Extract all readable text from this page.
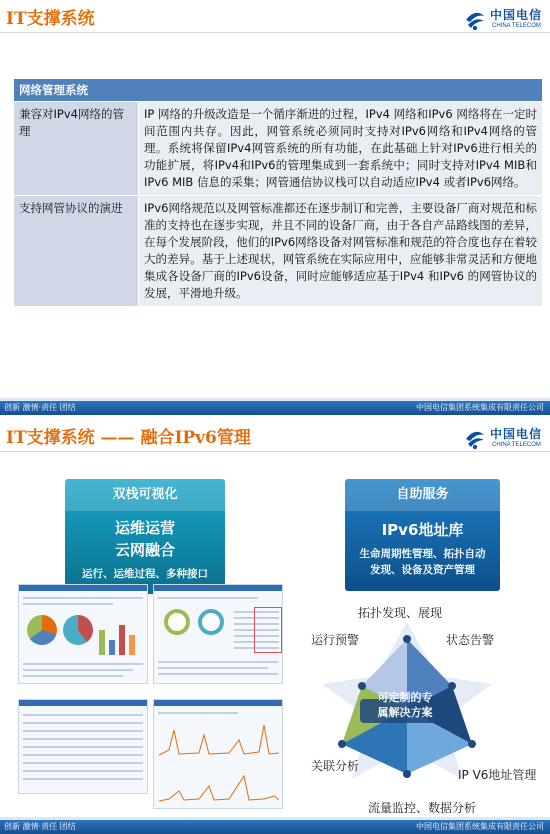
IT支撑系统	中国电信
CHINA TELECOM
网络管理系统	
兼容对IPv4网络的管理	IP 网络的升级改造是一个循序渐进的过程，IPv4 网络和IPv6 网络将在一定时间范围内共存。因此，网管系统必须同时支持对IPv6网络和IPv4网络的管理。系统将保留IPv4网管系统的所有功能，在此基础上针对IPv6进行相关的功能扩展，将IPv4和IPv6的管理集成到一套系统中；同时支持对IPv4 MIB和IPv6 MIB 信息的采集；网管通信协议栈可以自动适应IPv4 或者IPv6网络。
支持网管协议的演进	IPv6网络规范以及网管标准都还在逐步制订和完善，主要设备厂商对规范和标准的支持也在逐步实现，并且不同的设备厂商，由于各自产品路线图的差异，在每个发展阶段，他们的IPv6网络设备对网管标准和规范的符合度也存在着较大的差异。基于上述现状，网管系统在实际应用中，应能够非常灵活和方便地集成各设备厂商的IPv6设备，同时应能够适应基于IPv4 和IPv6 的网管协议的发展，平滑地升级。
创新 激情·责任 团结	中国电信集团系统集成有限责任公司
IT支撑系统 —— 融合IPv6管理	中国电信
CHINA TELECOM
双栈可视化
运维运营
云网融合
运行、运维过程、多种接口
自助服务
IPv6地址库
生命周期性管理、拓扑自动
发现、设备及资产管理
可定制的专
属解决方案
拓扑发现、展现
运行预警	状态告警
关联分析
IP V6地址管理
流量监控、数据分析
创新 激情·责任 团结	中国电信集团系统集成有限责任公司
